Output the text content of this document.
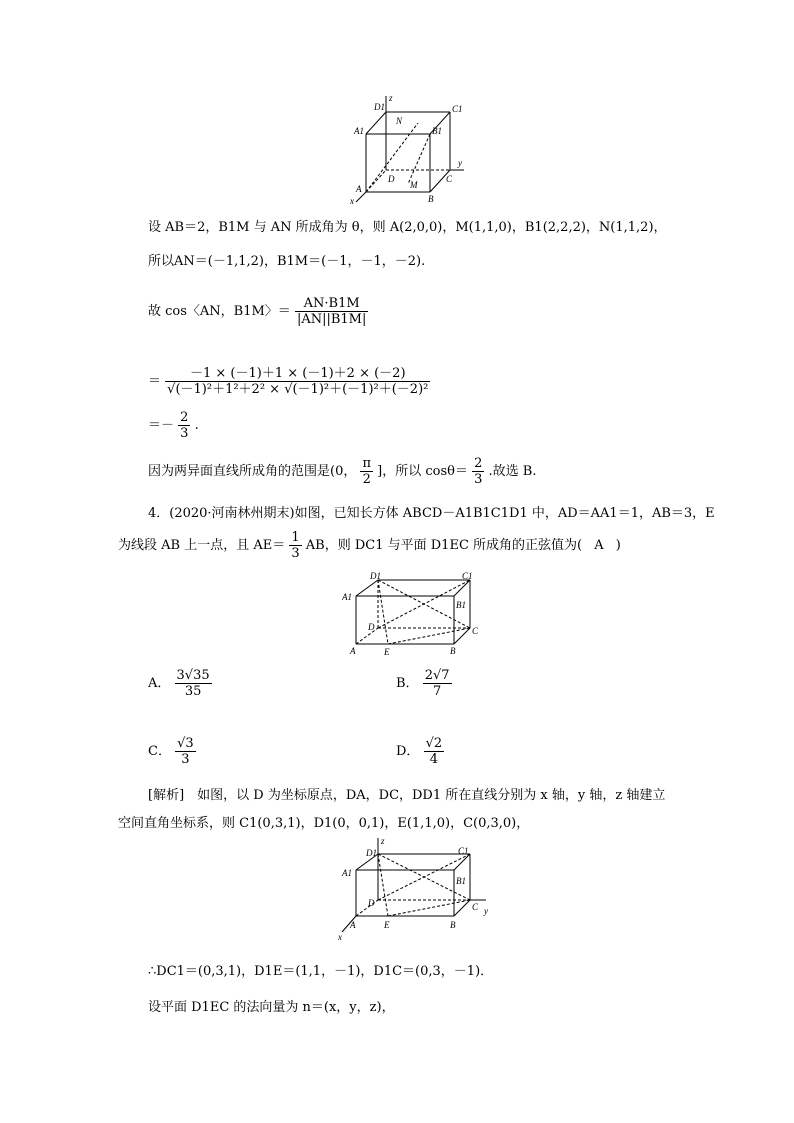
D1
z
C1
A1
N
B1
y
D
M
C
A
B
x
设 AB＝2，B1M 与 AN 所成角为 θ，则 A(2,0,0)，M(1,1,0)，B1(2,2,2)，N(1,1,2)，
所以AN＝(－1,1,2)，B1M＝(－1，－1，－2).
故 cos〈AN，B1M〉＝ $\frac{AN\cdot B1M}{|AN||B1M|}$
＝ $\frac{-1 \times (-1)+1 \times (-1)+2 \times (-2)}{\text{√(－1)²＋1²＋2² × √(－1)²＋(－1)²＋(－2)²}}$
＝－ $\frac{2}{3}$ .
因为两异面直线所成角的范围是(0， $\frac{\pi}{2}$ ]，所以 $\cos\theta= \frac{2}{3}$ .故选 B.
4．(2020·河南林州期末)如图，已知长方体 ABCD－A1B1C1D1 中，AD＝AA1＝1，AB＝3，E
为线段 AB 上一点，且 $AE= \frac{1}{3}$ AB，则 DC1 与平面 D1EC 所成角的正弦值为( A )
D1	C1
A1
B1
D	C
A	E	B
A． $\frac{3√35}{35}$	B． $\frac{2√7}{7}$
C． $\frac{√3}{3}$	D． $\frac{√2}{4}$
[解析]　如图，以 D 为坐标原点，DA，DC，DD1 所在直线分别为 x 轴，y 轴，z 轴建立
空间直角坐标系，则 C1(0,3,1)，D1(0，0,1)，E(1,1,0)，C(0,3,0)，
z
D1	C1
A1
B1
D	C y
A	E	B
x
∴DC1＝(0,3,1)，D1E＝(1,1，－1)，D1C＝(0,3，－1)．
设平面 D1EC 的法向量为 n＝(x，y，z)，
